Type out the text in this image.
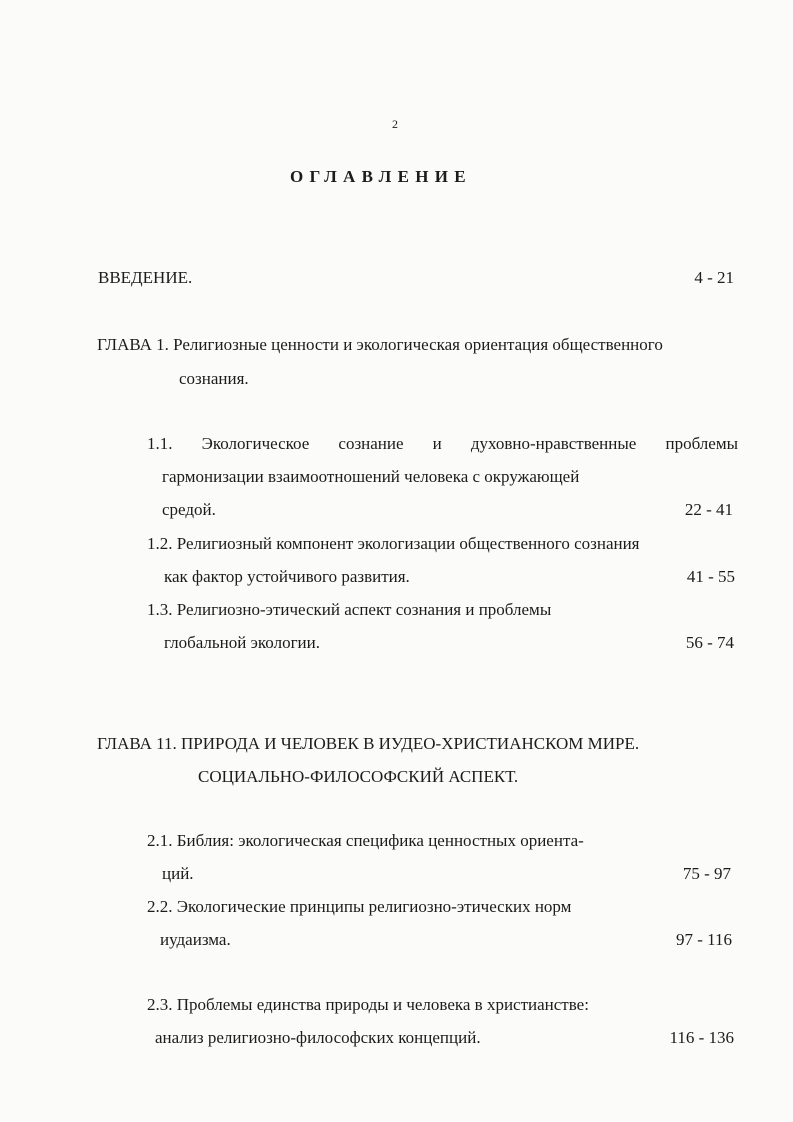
2
ОГЛАВЛЕНИЕ
ВВЕДЕНИЕ.	4 - 21
ГЛАВА 1. Религиозные ценности и экологическая ориентация общественного
сознания.
1.1. Экологическое сознание и духовно-нравственные проблемы
гармонизации взаимоотношений человека с окружающей
средой.	22 - 41
1.2. Религиозный компонент экологизации общественного сознания
как фактор устойчивого развития.	41 - 55
1.3. Религиозно-этический аспект сознания и проблемы
глобальной экологии.	56 - 74
ГЛАВА 11. ПРИРОДА И ЧЕЛОВЕК В ИУДЕО-ХРИСТИАНСКОМ МИРЕ.
СОЦИАЛЬНО-ФИЛОСОФСКИЙ АСПЕКТ.
2.1. Библия: экологическая специфика ценностных ориента-
ций.	75 - 97
2.2. Экологические принципы религиозно-этических норм
иудаизма.	97 - 116
2.3. Проблемы единства природы и человека в христианстве:
анализ религиозно-философских концепций.	116 - 136
